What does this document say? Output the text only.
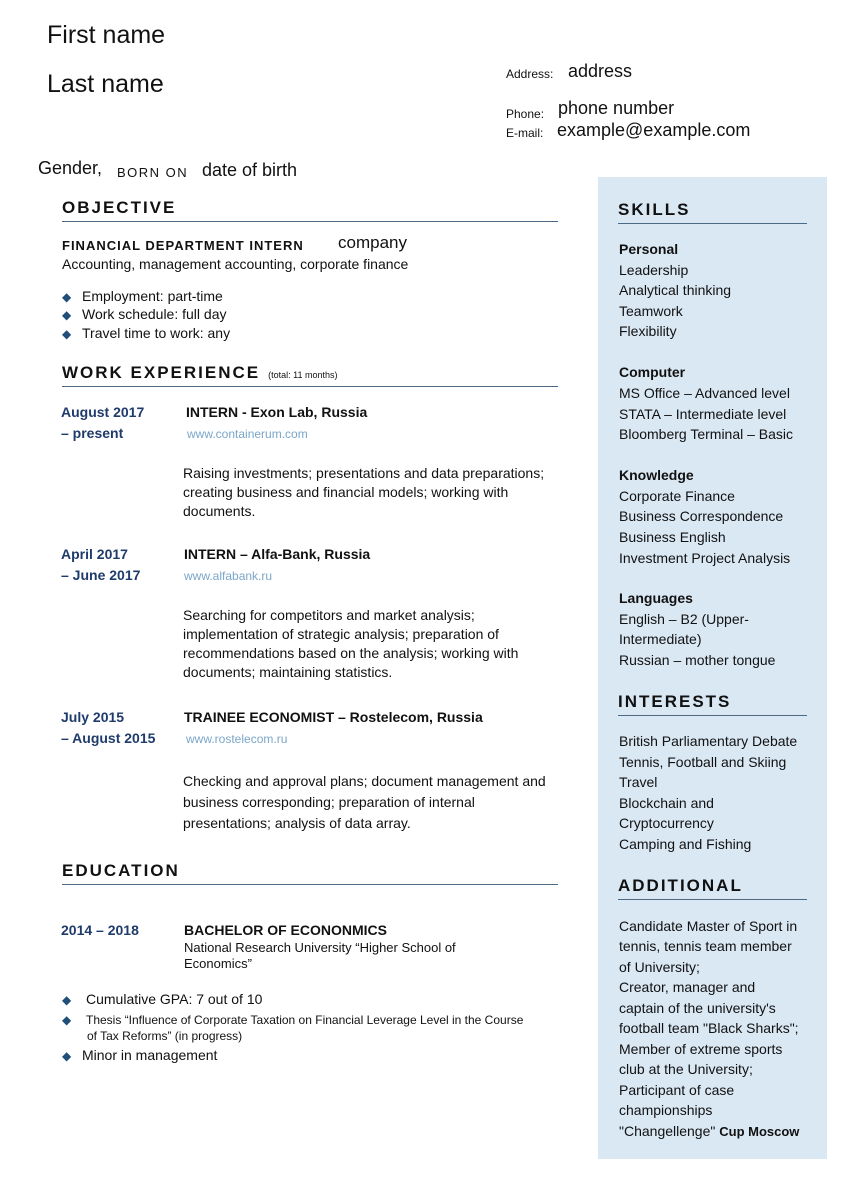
First name
Last name	Address: address
Phone: phone number
E-mail: example@example.com
Gender, BORN ON date of birth
OBJECTIVE
FINANCIAL DEPARTMENT INTERN company
Accounting, management accounting, corporate finance
◆ Employment: part-time
◆ Work schedule: full day
◆ Travel time to work: any
WORK EXPERIENCE (total: 11 months)
August 2017
– present
INTERN - Exon Lab, Russia
www.containerum.com
Raising investments; presentations and data preparations;
creating business and financial models; working with
documents.
April 2017
– June 2017
INTERN – Alfa-Bank, Russia
www.alfabank.ru
Searching for competitors and market analysis;
implementation of strategic analysis; preparation of
recommendations based on the analysis; working with
documents; maintaining statistics.
July 2015
– August 2015
TRAINEE ECONOMIST – Rostelecom, Russia
www.rostelecom.ru
Checking and approval plans; document management and
business corresponding; preparation of internal
presentations; analysis of data array.
EDUCATION
2014 – 2018	BACHELOR OF ECONONMICS
National Research University “Higher School of
Economics”
◆ Cumulative GPA: 7 out of 10
◆ Thesis “Influence of Corporate Taxation on Financial Leverage Level in the Course
of Tax Reforms” (in progress)
◆ Minor in management
SKILLS
Personal
Leadership
Analytical thinking
Teamwork
Flexibility
Computer
MS Office – Advanced level
STATA – Intermediate level
Bloomberg Terminal – Basic
Knowledge
Corporate Finance
Business Correspondence
Business English
Investment Project Analysis
Languages
English – B2 (Upper-
Intermediate)
Russian – mother tongue
INTERESTS
British Parliamentary Debate
Tennis, Football and Skiing
Travel
Blockchain and
Cryptocurrency
Camping and Fishing
ADDITIONAL
Candidate Master of Sport in
tennis, tennis team member
of University;
Creator, manager and
captain of the university's
football team "Black Sharks";
Member of extreme sports
club at the University;
Participant of case
championships
"Changellenge" Cup Moscow
